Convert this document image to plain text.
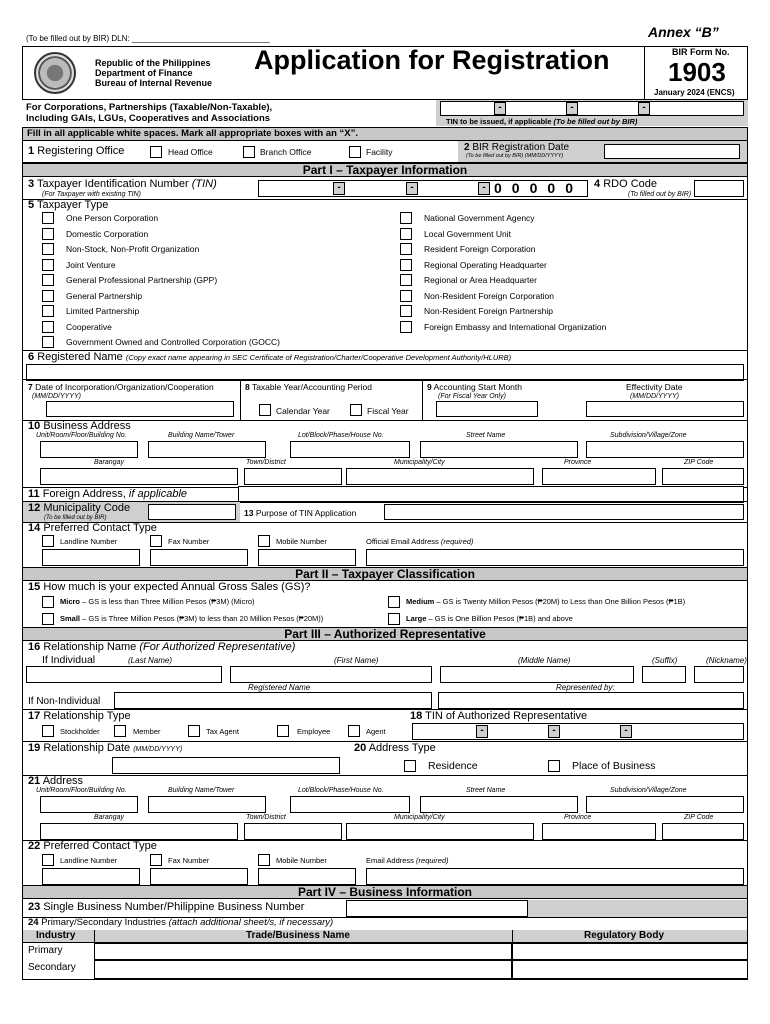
(To be filled out by BIR) DLN: _______________________________	Annex “B”
Republic of the Philippines
Department of Finance
Bureau of Internal Revenue
Application for Registration	BIR Form No.
1903
January 2024 (ENCS)
For Corporations, Partnerships (Taxable/Non-Taxable),
Including GAIs, LGUs, Cooperatives and Associations
-	-	-
TIN to be issued, if applicable (To be filled out by BIR)
Fill in all applicable white spaces. Mark all appropriate boxes with an “X”.
1 Registering Office	Head Office	Branch Office	Facility	2 BIR Registration Date
(To be filled out by BIR) (MM/DD/YYYY)
Part I – Taxpayer Information
3 Taxpayer Identification Number (TIN)
(For Taxpayer with existing TIN)
-	-	- 00000 4 RDO Code
(To filled out by BIR)
5 Taxpayer Type
One Person Corporation
Domestic Corporation
Non-Stock, Non-Profit Organization
Joint Venture
General Professional Partnership (GPP)
General Partnership
Limited Partnership
Cooperative
Government Owned and Controlled Corporation (GOCC)
National Government Agency
Local Government Unit
Resident Foreign Corporation
Regional Operating Headquarter
Regional or Area Headquarter
Non-Resident Foreign Corporation
Non-Resident Foreign Partnership
Foreign Embassy and International Organization
6 Registered Name (Copy exact name appearing in SEC Certificate of Registration/Charter/Cooperative Development Authority/HLURB)
7 Date of Incorporation/Organization/Cooperation
(MM/DD/YYYY)
8 Taxable Year/Accounting Period
Calendar Year	Fiscal Year
9 Accounting Start Month
(For Fiscal Year Only)
Effectivity Date
(MM/DD/YYYY)
10 Business Address
Unit/Room/Floor/Building No.	Building Name/Tower	Lot/Block/Phase/House No.	Street Name	Subdivision/Village/Zone
Barangay	Town/District	Municipality/City	Province	ZIP Code
11 Foreign Address, if applicable
12 Municipality Code
(To be filled out by BIR)	13 Purpose of TIN Application
14 Preferred Contact Type
Landline Number	Fax Number	Mobile Number	Official Email Address (required)
Part II – Taxpayer Classification
15 How much is your expected Annual Gross Sales (GS)?
Micro – GS is less than Three Million Pesos (₱3M) (Micro)
Small – GS is Three Million Pesos (₱3M) to less than 20 Million Pesos (₱20M))
Medium – GS is Twenty Million Pesos (₱20M) to Less than One Billion Pesos (₱1B)
Large – GS is One Billion Pesos (₱1B) and above
Part III – Authorized Representative
16 Relationship Name (For Authorized Representative)
If Individual	(Last Name)	(First Name)	(Middle Name)	(Suffix)	(Nickname)
Registered Name	Represented by:
If Non-Individual
17 Relationship Type
Stockholder	Member	Tax Agent	Employee	Agent
18 TIN of Authorized Representative
-	-	-
19 Relationship Date (MM/DD/YYYY)	20 Address Type
Residence	Place of Business
21 Address
Unit/Room/Floor/Building No.	Building Name/Tower	Lot/Block/Phase/House No.	Street Name	Subdivision/Village/Zone
Barangay	Town/District	Municipality/City	Province	ZIP Code
22 Preferred Contact Type
Landline Number	Fax Number	Mobile Number	Email Address (required)
Part IV – Business Information
23 Single Business Number/Philippine Business Number
24 Primary/Secondary Industries (attach additional sheet/s, if necessary)
Industry	Trade/Business Name	Regulatory Body
Primary
Secondary
